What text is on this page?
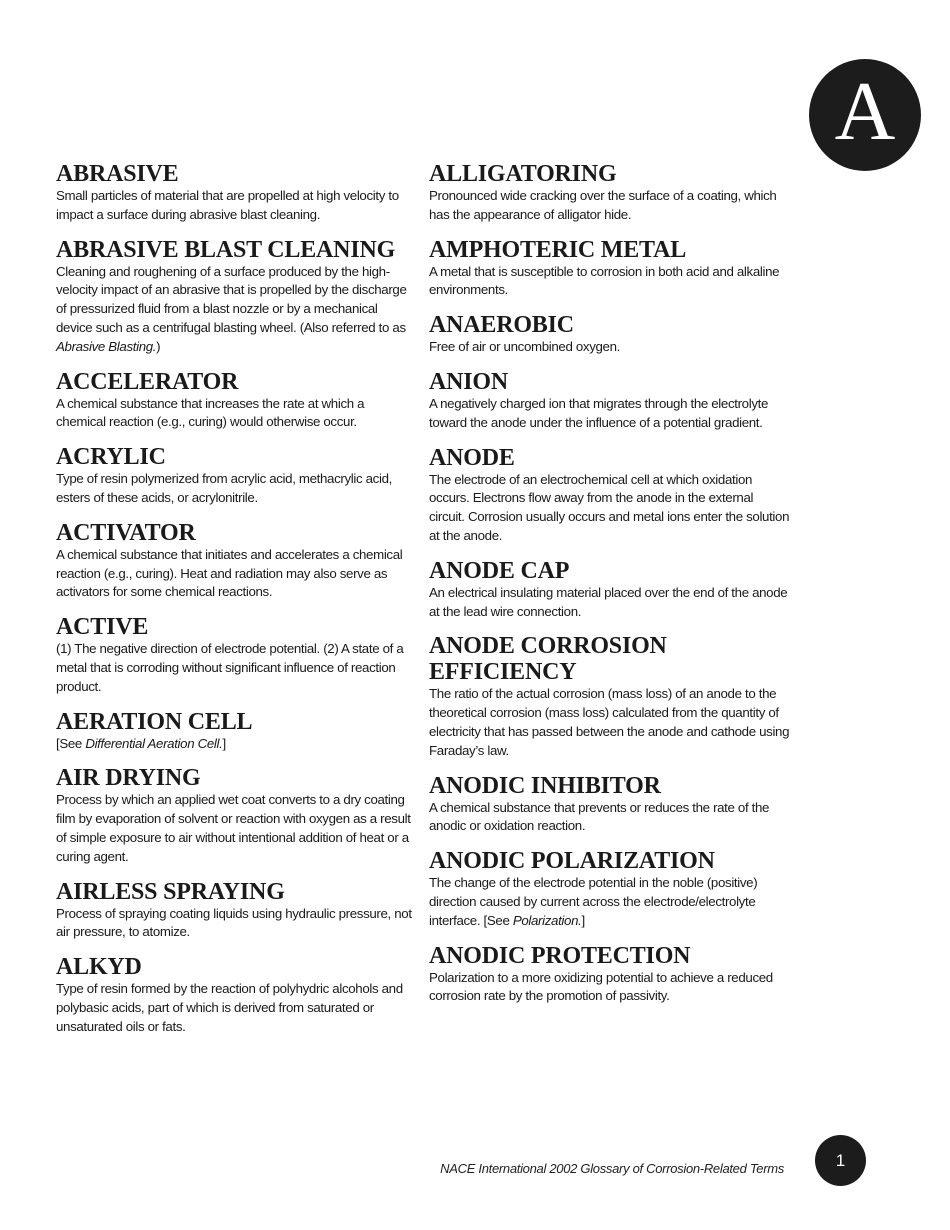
A
ABRASIVE

Small particles of material that are propelled at high velocity to impact a surface during abrasive blast cleaning.

ABRASIVE BLAST CLEANING

Cleaning and roughening of a surface produced by the high-velocity impact of an abrasive that is propelled by the discharge of pressurized fluid from a blast nozzle or by a mechanical device such as a centrifugal blasting wheel. (Also referred to as Abrasive Blasting.)

ACCELERATOR

A chemical substance that increases the rate at which a chemical reaction (e.g., curing) would otherwise occur.

ACRYLIC

Type of resin polymerized from acrylic acid, methacrylic acid, esters of these acids, or acrylonitrile.

ACTIVATOR

A chemical substance that initiates and accelerates a chemical reaction (e.g., curing). Heat and radiation may also serve as activators for some chemical reactions.

ACTIVE

(1) The negative direction of electrode potential. (2) A state of a metal that is corroding without significant influence of reaction product.

AERATION CELL

[See Differential Aeration Cell.]

AIR DRYING

Process by which an applied wet coat converts to a dry coating film by evaporation of solvent or reaction with oxygen as a result of simple exposure to air without intentional addition of heat or a curing agent.

AIRLESS SPRAYING

Process of spraying coating liquids using hydraulic pressure, not air pressure, to atomize.

ALKYD

Type of resin formed by the reaction of polyhydric alcohols and polybasic acids, part of which is derived from saturated or unsaturated oils or fats.

ALLIGATORING

Pronounced wide cracking over the surface of a coating, which has the appearance of alligator hide.

AMPHOTERIC METAL

A metal that is susceptible to corrosion in both acid and alkaline environments.

ANAEROBIC

Free of air or uncombined oxygen.

ANION

A negatively charged ion that migrates through the electrolyte toward the anode under the influence of a potential gradient.

ANODE

The electrode of an electrochemical cell at which oxidation occurs. Electrons flow away from the anode in the external circuit. Corrosion usually occurs and metal ions enter the solution at the anode.

ANODE CAP

An electrical insulating material placed over the end of the anode at the lead wire connection.

ANODE CORROSION EFFICIENCY

The ratio of the actual corrosion (mass loss) of an anode to the theoretical corrosion (mass loss) calculated from the quantity of electricity that has passed between the anode and cathode using Faraday’s law.

ANODIC INHIBITOR

A chemical substance that prevents or reduces the rate of the anodic or oxidation reaction.

ANODIC POLARIZATION

The change of the electrode potential in the noble (positive) direction caused by current across the electrode/electrolyte interface. [See Polarization.]

ANODIC PROTECTION

Polarization to a more oxidizing potential to achieve a reduced corrosion rate by the promotion of passivity.

NACE International 2002 Glossary of Corrosion-Related Terms	1
